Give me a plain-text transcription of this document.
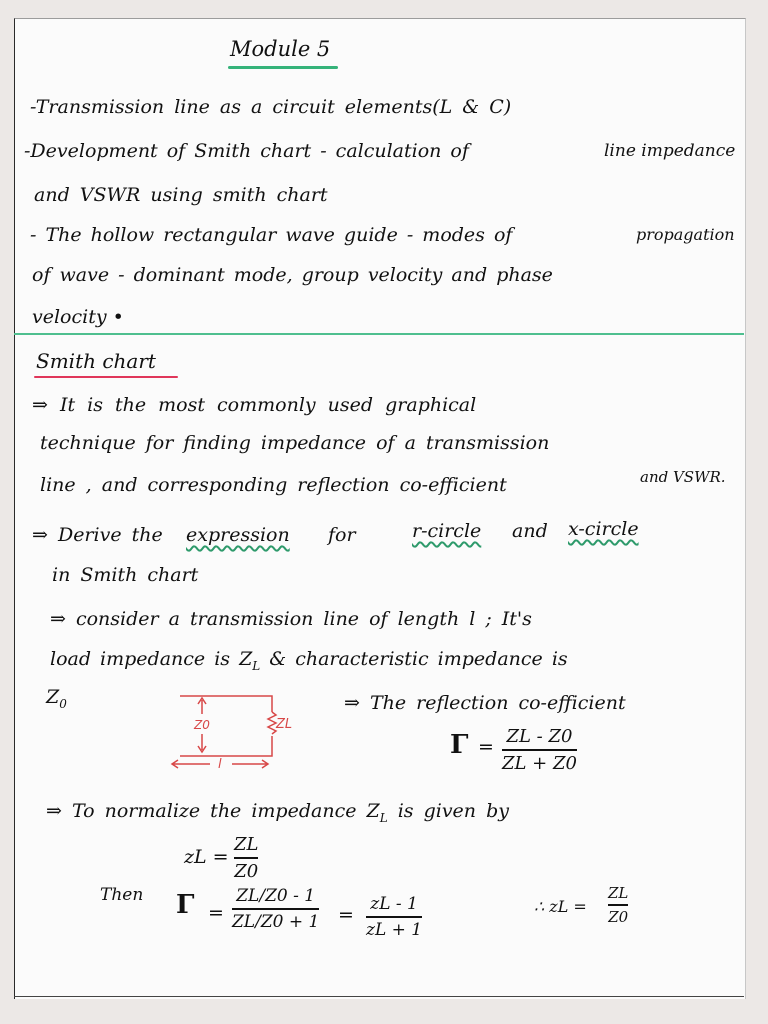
Module 5
-Transmission line as a circuit elements(L & C)
-Development of Smith chart - calculation of	line impedance
and VSWR using smith chart
- The hollow rectangular wave guide - modes of	propagation
of wave - dominant mode, group velocity and phase
velocity •
Smith chart
⇒ It is the most commonly used graphical
technique for finding impedance of a transmission
line , and corresponding reflection co-efficient	and VSWR.
⇒ Derive the expression for	r-circle and x-circle
in Smith chart
⇒ consider a transmission line of length l ; It's
load impedance is $Z_L$ & characteristic impedance is
$Z_0$
Z0	ZL
l
⇒ The reflection co-efficient
Γ = ZL - Z0
ZL + Z0
⇒ To normalize the impedance $Z_L$ is given by
zL =
ZL
Z0
Then Γ =
ZL/Z0 - 1
ZL/Z0 + 1 = zL - 1
zL + 1
∴ zL =
ZL
Z0
